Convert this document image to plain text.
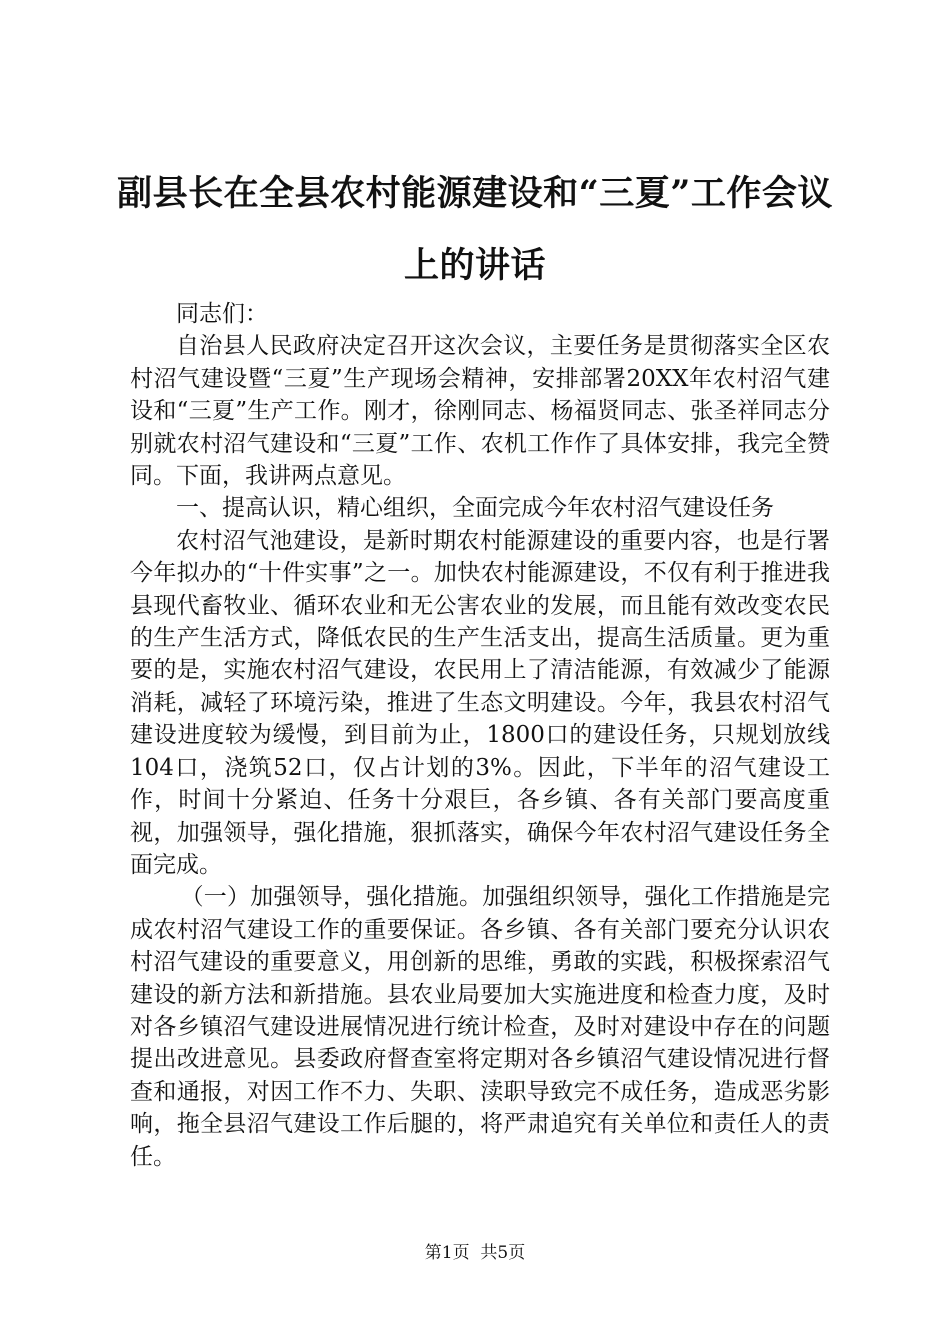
副县长在全县农村能源建设和“三夏”工作会议上的讲话

同志们：

自治县人民政府决定召开这次会议，主要任务是贯彻落实全区农村沼气建设暨“三夏”生产现场会精神，安排部署20XX年农村沼气建设和“三夏”生产工作。刚才，徐刚同志、杨福贤同志、张圣祥同志分别就农村沼气建设和“三夏”工作、农机工作作了具体安排，我完全赞同。下面，我讲两点意见。

一、提高认识，精心组织，全面完成今年农村沼气建设任务

农村沼气池建设，是新时期农村能源建设的重要内容，也是行署今年拟办的“十件实事”之一。加快农村能源建设，不仅有利于推进我县现代畜牧业、循环农业和无公害农业的发展，而且能有效改变农民的生产生活方式，降低农民的生产生活支出，提高生活质量。更为重要的是，实施农村沼气建设，农民用上了清洁能源，有效减少了能源消耗，减轻了环境污染，推进了生态文明建设。今年，我县农村沼气建设进度较为缓慢，到目前为止，1800口的建设任务，只规划放线104口，浇筑52口，仅占计划的3%。因此，下半年的沼气建设工作，时间十分紧迫、任务十分艰巨，各乡镇、各有关部门要高度重视，加强领导，强化措施，狠抓落实，确保今年农村沼气建设任务全面完成。

（一）加强领导，强化措施。加强组织领导，强化工作措施是完成农村沼气建设工作的重要保证。各乡镇、各有关部门要充分认识农村沼气建设的重要意义，用创新的思维，勇敢的实践，积极探索沼气建设的新方法和新措施。县农业局要加大实施进度和检查力度，及时对各乡镇沼气建设进展情况进行统计检查，及时对建设中存在的问题提出改进意见。县委政府督查室将定期对各乡镇沼气建设情况进行督查和通报，对因工作不力、失职、渎职导致完不成任务，造成恶劣影响，拖全县沼气建设工作后腿的，将严肃追究有关单位和责任人的责任。

第1页 共5页
